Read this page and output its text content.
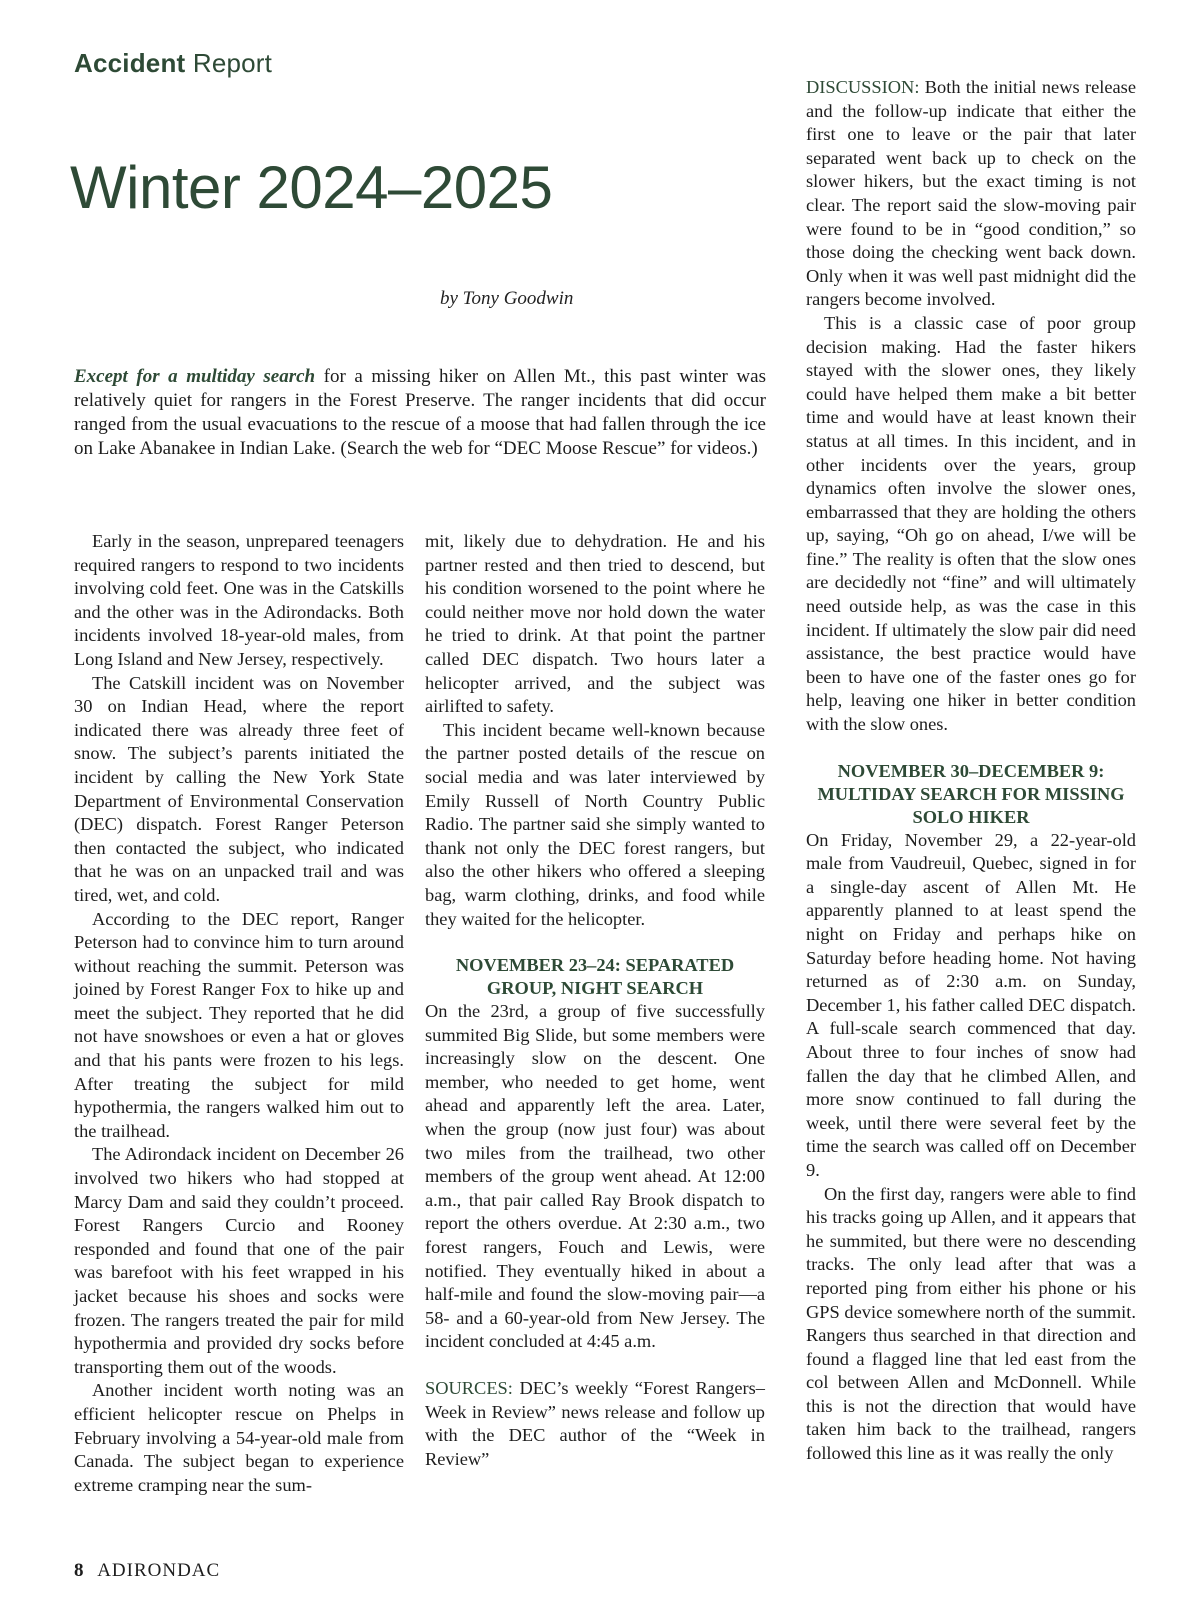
Accident Report
Winter 2024–2025
by Tony Goodwin

Except for a multiday search for a missing hiker on Allen Mt., this past winter was relatively quiet for rangers in the Forest Preserve. The ranger incidents that did occur ranged from the usual evacuations to the rescue of a moose that had fallen through the ice on Lake Abanakee in Indian Lake. (Search the web for “DEC Moose Rescue” for videos.)

Early in the season, unprepared teenagers required rangers to respond to two incidents involving cold feet. One was in the Catskills and the other was in the Adirondacks. Both incidents involved 18-year-old males, from Long Island and New Jersey, respectively.

The Catskill incident was on November 30 on Indian Head, where the report indicated there was already three feet of snow. The subject’s parents initiated the incident by calling the New York State Department of Environmental Conservation (DEC) dispatch. Forest Ranger Peterson then contacted the subject, who indicated that he was on an unpacked trail and was tired, wet, and cold.

According to the DEC report, Ranger Peterson had to convince him to turn around without reaching the summit. Peterson was joined by Forest Ranger Fox to hike up and meet the subject. They reported that he did not have snowshoes or even a hat or gloves and that his pants were frozen to his legs. After treating the subject for mild hypothermia, the rangers walked him out to the trailhead.

The Adirondack incident on December 26 involved two hikers who had stopped at Marcy Dam and said they couldn’t proceed. Forest Rangers Curcio and Rooney responded and found that one of the pair was barefoot with his feet wrapped in his jacket because his shoes and socks were frozen. The rangers treated the pair for mild hypothermia and provided dry socks before transporting them out of the woods.

Another incident worth noting was an efficient helicopter rescue on Phelps in February involving a 54-year-old male from Canada. The subject began to experience extreme cramping near the sum-

mit, likely due to dehydration. He and his partner rested and then tried to descend, but his condition worsened to the point where he could neither move nor hold down the water he tried to drink. At that point the partner called DEC dispatch. Two hours later a helicopter arrived, and the subject was airlifted to safety.

This incident became well-known because the partner posted details of the rescue on social media and was later interviewed by Emily Russell of North Country Public Radio. The partner said she simply wanted to thank not only the DEC forest rangers, but also the other hikers who offered a sleeping bag, warm clothing, drinks, and food while they waited for the helicopter.

NOVEMBER 23–24: SEPARATED GROUP, NIGHT SEARCH

On the 23rd, a group of five successfully summited Big Slide, but some members were increasingly slow on the descent. One member, who needed to get home, went ahead and apparently left the area. Later, when the group (now just four) was about two miles from the trailhead, two other members of the group went ahead. At 12:00 a.m., that pair called Ray Brook dispatch to report the others overdue. At 2:30 a.m., two forest rangers, Fouch and Lewis, were notified. They eventually hiked in about a half-mile and found the slow-moving pair—a 58- and a 60-year-old from New Jersey. The incident concluded at 4:45 a.m.

SOURCES: DEC’s weekly “Forest Rangers–Week in Review” news release and follow up with the DEC author of the “Week in Review”

DISCUSSION: Both the initial news release and the follow-up indicate that either the first one to leave or the pair that later separated went back up to check on the slower hikers, but the exact timing is not clear. The report said the slow-moving pair were found to be in “good condition,” so those doing the checking went back down. Only when it was well past midnight did the rangers become involved.

This is a classic case of poor group decision making. Had the faster hikers stayed with the slower ones, they likely could have helped them make a bit better time and would have at least known their status at all times. In this incident, and in other incidents over the years, group dynamics often involve the slower ones, embarrassed that they are holding the others up, saying, “Oh go on ahead, I/we will be fine.” The reality is often that the slow ones are decidedly not “fine” and will ultimately need outside help, as was the case in this incident. If ultimately the slow pair did need assistance, the best practice would have been to have one of the faster ones go for help, leaving one hiker in better condition with the slow ones.

NOVEMBER 30–DECEMBER 9: MULTIDAY SEARCH FOR MISSING SOLO HIKER

On Friday, November 29, a 22-year-old male from Vaudreuil, Quebec, signed in for a single-day ascent of Allen Mt. He apparently planned to at least spend the night on Friday and perhaps hike on Saturday before heading home. Not having returned as of 2:30 a.m. on Sunday, December 1, his father called DEC dispatch. A full-scale search commenced that day. About three to four inches of snow had fallen the day that he climbed Allen, and more snow continued to fall during the week, until there were several feet by the time the search was called off on December 9.

On the first day, rangers were able to find his tracks going up Allen, and it appears that he summited, but there were no descending tracks. The only lead after that was a reported ping from either his phone or his GPS device somewhere north of the summit. Rangers thus searched in that direction and found a flagged line that led east from the col between Allen and McDonnell. While this is not the direction that would have taken him back to the trailhead, rangers followed this line as it was really the only

8 ADIRONDAC
